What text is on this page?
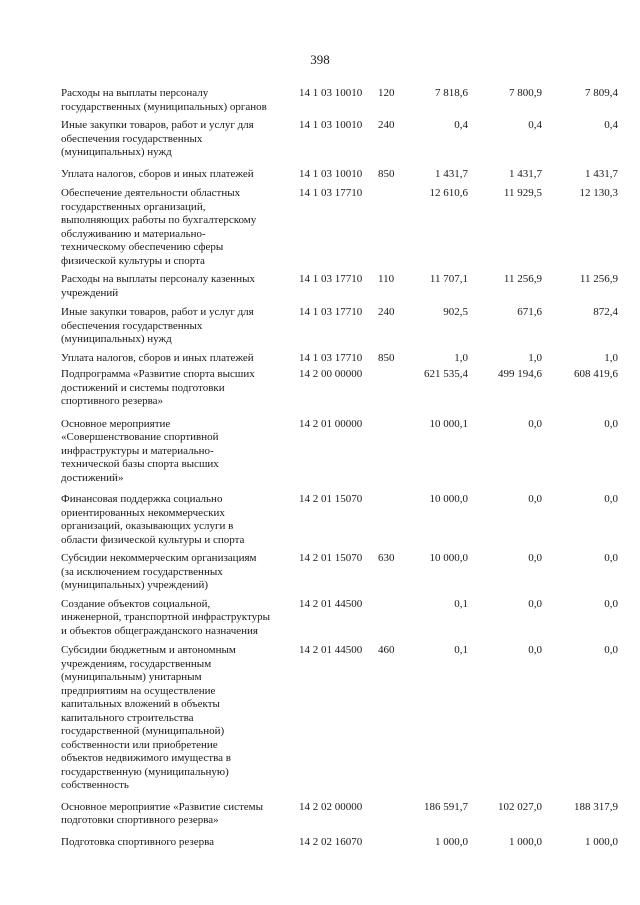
398
Расходы на выплаты персоналу
государственных (муниципальных) органов
14 1 03 10010 120	7 818,6	7 800,9	7 809,4
Иные закупки товаров, работ и услуг для
обеспечения государственных
(муниципальных) нужд
14 1 03 10010 240	0,4	0,4	0,4
Уплата налогов, сборов и иных платежей	14 1 03 10010 850	1 431,7	1 431,7	1 431,7
Обеспечение деятельности областных
государственных организаций,
выполняющих работы по бухгалтерскому
обслуживанию и материально-
техническому обеспечению сферы
физической культуры и спорта
14 1 03 17710	12 610,6	11 929,5	12 130,3
Расходы на выплаты персоналу казенных
учреждений
14 1 03 17710 110	11 707,1	11 256,9	11 256,9
Иные закупки товаров, работ и услуг для
обеспечения государственных
(муниципальных) нужд
14 1 03 17710 240	902,5	671,6	872,4
Уплата налогов, сборов и иных платежей	14 1 03 17710 850	1,0	1,0	1,0
Подпрограмма «Развитие спорта высших
достижений и системы подготовки
спортивного резерва»
14 2 00 00000	621 535,4	499 194,6	608 419,6
Основное мероприятие
«Совершенствование спортивной
инфраструктуры и материально-
технической базы спорта высших
достижений»
14 2 01 00000	10 000,1	0,0	0,0
Финансовая поддержка социально
ориентированных некоммерческих
организаций, оказывающих услуги в
области физической культуры и спорта
14 2 01 15070	10 000,0	0,0	0,0
Субсидии некоммерческим организациям
(за исключением государственных
(муниципальных) учреждений)
14 2 01 15070 630	10 000,0	0,0	0,0
Создание объектов социальной,
инженерной, транспортной инфраструктуры
и объектов общегражданского назначения
14 2 01 44500	0,1	0,0	0,0
Субсидии бюджетным и автономным
учреждениям, государственным
(муниципальным) унитарным
предприятиям на осуществление
капитальных вложений в объекты
капитального строительства
государственной (муниципальной)
собственности или приобретение
объектов недвижимого имущества в
государственную (муниципальную)
собственность
14 2 01 44500 460	0,1	0,0	0,0
Основное мероприятие «Развитие системы
подготовки спортивного резерва»
14 2 02 00000	186 591,7	102 027,0	188 317,9
Подготовка спортивного резерва	14 2 02 16070	1 000,0	1 000,0	1 000,0
